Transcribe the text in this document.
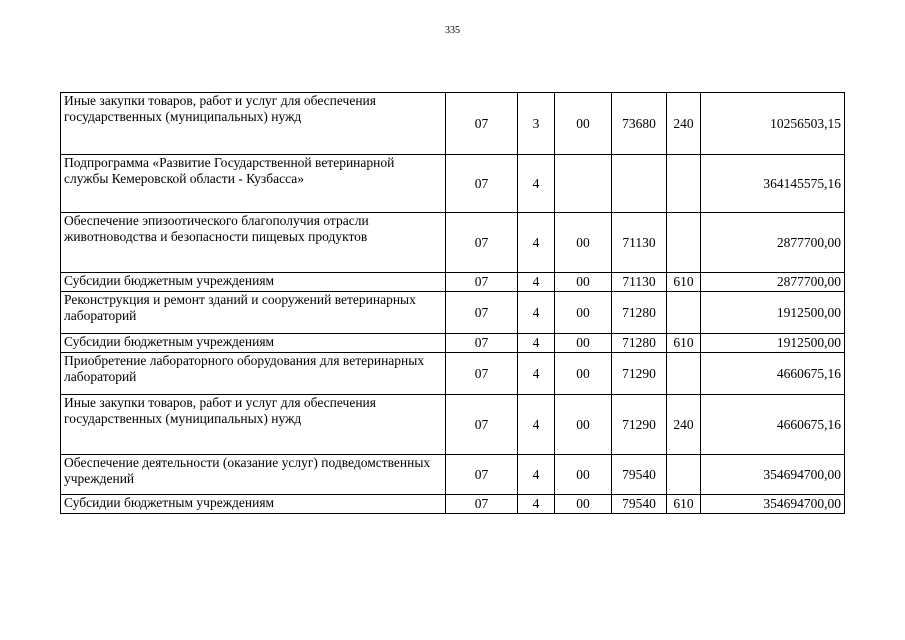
335
Иные закупки товаров, работ и услуг для обеспечения государственных (муниципальных) нужд	07	3	00	73680	240	10256503,15
Подпрограмма «Развитие Государственной ветеринарной службы Кемеровской области - Кузбасса»	07	4				364145575,16
Обеспечение эпизоотического благополучия отрасли животноводства и безопасности пищевых продуктов	07	4	00	71130		2877700,00
Субсидии бюджетным учреждениям	07	4	00	71130	610	2877700,00
Реконструкция и ремонт зданий и сооружений ветеринарных лабораторий	07	4	00	71280		1912500,00
Субсидии бюджетным учреждениям	07	4	00	71280	610	1912500,00
Приобретение лабораторного оборудования для ветеринарных лабораторий	07	4	00	71290		4660675,16
Иные закупки товаров, работ и услуг для обеспечения государственных (муниципальных) нужд	07	4	00	71290	240	4660675,16
Обеспечение деятельности (оказание услуг) подведомственных учреждений	07	4	00	79540		354694700,00
Субсидии бюджетным учреждениям	07	4	00	79540	610	354694700,00
